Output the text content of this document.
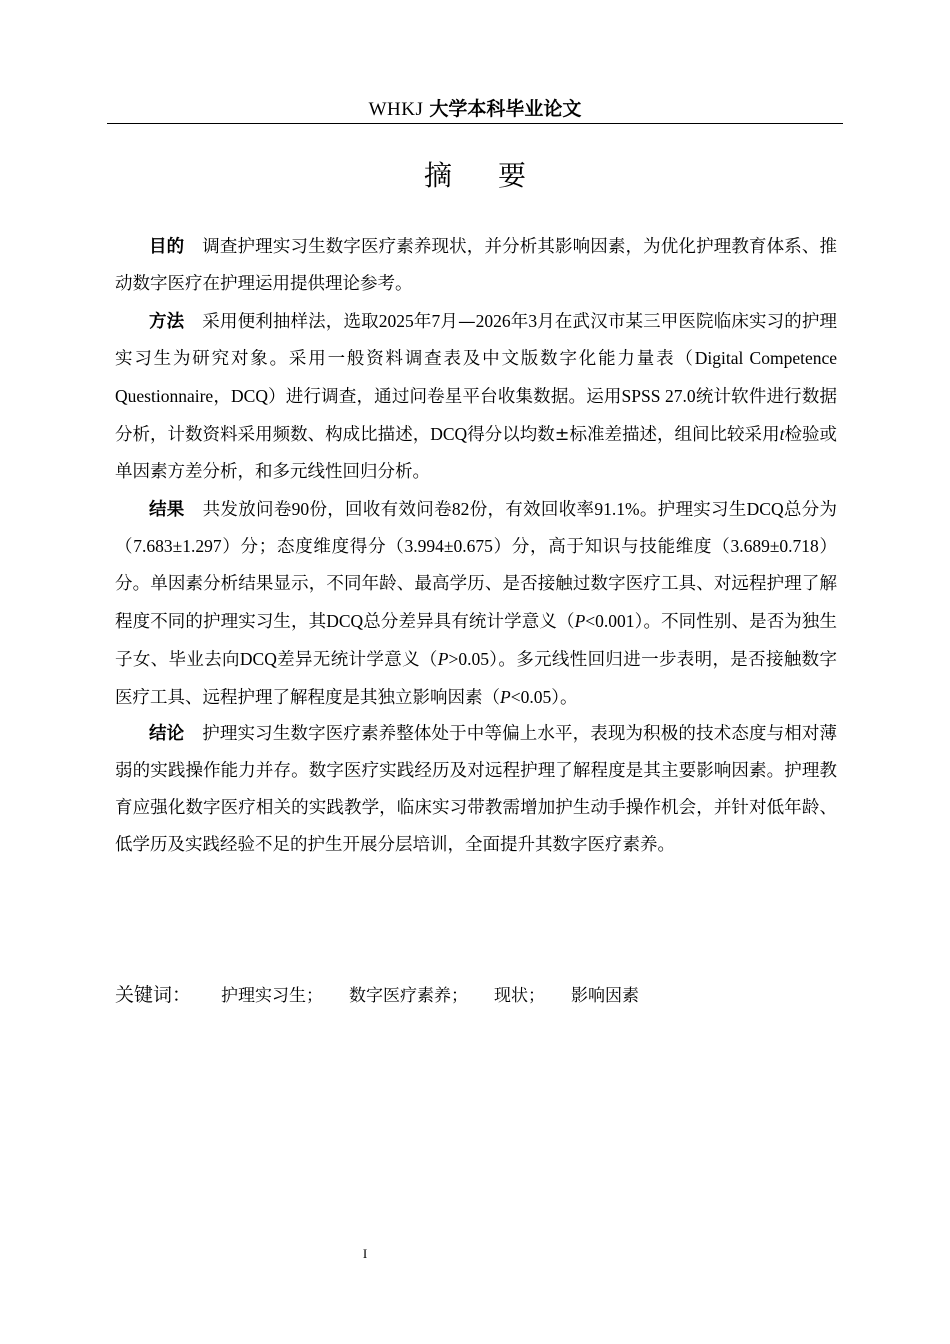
WHKJ 大学本科毕业论文
摘要

目的 调查护理实习生数字医疗素养现状，并分析其影响因素，为优化护理教育体系、推动数字医疗在护理运用提供理论参考。

方法 采用便利抽样法，选取2025年7月—2026年3月在武汉市某三甲医院临床实习的护理实习生为研究对象。采用一般资料调查表及中文版数字化能力量表（Digital Competence Questionnaire，DCQ）进行调查，通过问卷星平台收集数据。运用SPSS 27.0统计软件进行数据分析，计数资料采用频数、构成比描述，DCQ得分以均数±标准差描述，组间比较采用t检验或单因素方差分析，和多元线性回归分析。

结果 共发放问卷90份，回收有效问卷82份，有效回收率91.1%。护理实习生DCQ总分为（7.683±1.297）分；态度维度得分（3.994±0.675）分，高于知识与技能维度（3.689±0.718）分。单因素分析结果显示，不同年龄、最高学历、是否接触过数字医疗工具、对远程护理了解程度不同的护理实习生，其DCQ总分差异具有统计学意义（P<0.001）。不同性别、是否为独生子女、毕业去向DCQ差异无统计学意义（P>0.05）。多元线性回归进一步表明，是否接触数字医疗工具、远程护理了解程度是其独立影响因素（P<0.05）。

结论 护理实习生数字医疗素养整体处于中等偏上水平，表现为积极的技术态度与相对薄弱的实践操作能力并存。数字医疗实践经历及对远程护理了解程度是其主要影响因素。护理教育应强化数字医疗相关的实践教学，临床实习带教需增加护生动手操作机会，并针对低年龄、低学历及实践经验不足的护生开展分层培训，全面提升其数字医疗素养。

关键词： 护理实习生； 数字医疗素养； 现状； 影响因素
I
